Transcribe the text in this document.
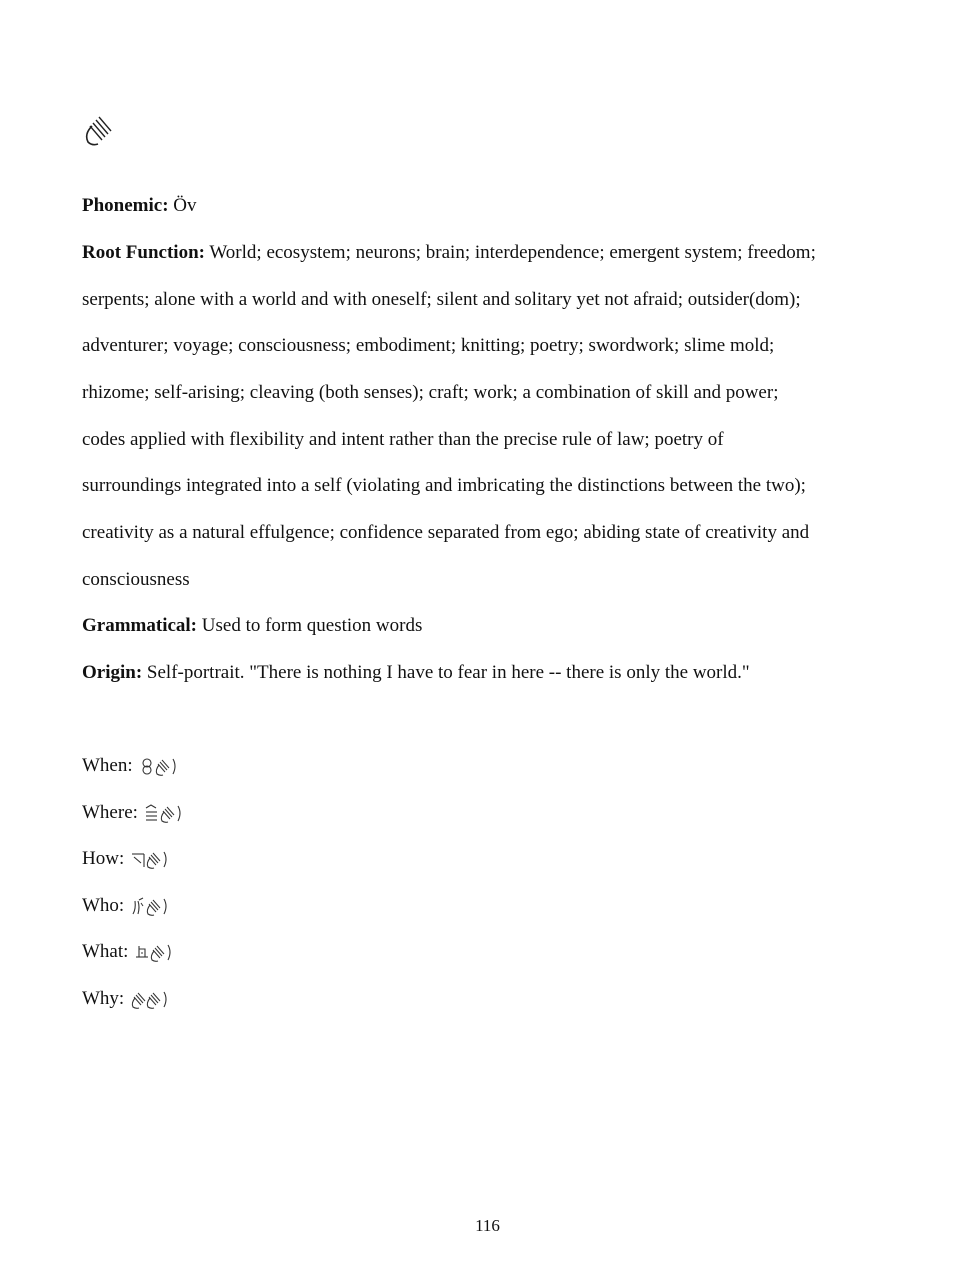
Phonemic: Öv
Root Function: World; ecosystem; neurons; brain; interdependence; emergent system; freedom;
serpents; alone with a world and with oneself; silent and solitary yet not afraid; outsider(dom);
adventurer; voyage; consciousness; embodiment; knitting; poetry; swordwork; slime mold;
rhizome; self-arising; cleaving (both senses); craft; work; a combination of skill and power;
codes applied with flexibility and intent rather than the precise rule of law; poetry of
surroundings integrated into a self (violating and imbricating the distinctions between the two);
creativity as a natural effulgence; confidence separated from ego; abiding state of creativity and
consciousness
Grammatical: Used to form question words
Origin: Self-portrait. "There is nothing I have to fear in here -- there is only the world."
When:
Where:
How:
Who:
What:
Why:
116
